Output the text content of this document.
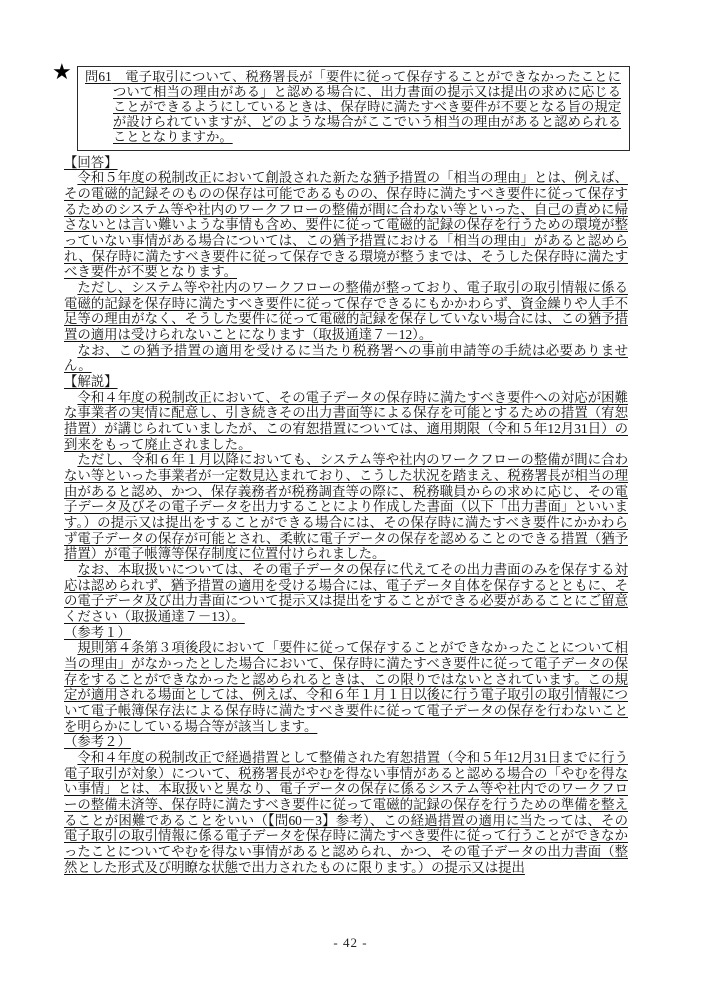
★ 問61　電子取引について、税務署長が「要件に従って保存することができなかったことについて相当の理由がある」と認める場合に、出力書面の提示又は提出の求めに応じることができるようにしているときは、保存時に満たすべき要件が不要となる旨の規定が設けられていますが、どのような場合がここでいう相当の理由があると認められることとなりますか。

【回答】

令和５年度の税制改正において創設された新たな猶予措置の「相当の理由」とは、例えば、その電磁的記録そのものの保存は可能であるものの、保存時に満たすべき要件に従って保存するためのシステム等や社内のワークフローの整備が間に合わない等といった、自己の責めに帰さないとは言い難いような事情も含め、要件に従って電磁的記録の保存を行うための環境が整っていない事情がある場合については、この猶予措置における「相当の理由」があると認められ、保存時に満たすべき要件に従って保存できる環境が整うまでは、そうした保存時に満たすべき要件が不要となります。

ただし、システム等や社内のワークフローの整備が整っており、電子取引の取引情報に係る電磁的記録を保存時に満たすべき要件に従って保存できるにもかかわらず、資金繰りや人手不足等の理由がなく、そうした要件に従って電磁的記録を保存していない場合には、この猶予措置の適用は受けられないことになります（取扱通達７－12）。

なお、この猶予措置の適用を受けるに当たり税務署への事前申請等の手続は必要ありません。

【解説】

令和４年度の税制改正において、その電子データの保存時に満たすべき要件への対応が困難な事業者の実情に配意し、引き続きその出力書面等による保存を可能とするための措置（宥恕措置）が講じられていましたが、この宥恕措置については、適用期限（令和５年12月31日）の到来をもって廃止されました。

ただし、令和６年１月以降においても、システム等や社内のワークフローの整備が間に合わない等といった事業者が一定数見込まれており、こうした状況を踏まえ、税務署長が相当の理由があると認め、かつ、保存義務者が税務調査等の際に、税務職員からの求めに応じ、その電子データ及びその電子データを出力することにより作成した書面（以下「出力書面」といいます。）の提示又は提出をすることができる場合には、その保存時に満たすべき要件にかかわらず電子データの保存が可能とされ、柔軟に電子データの保存を認めることのできる措置（猶予措置）が電子帳簿等保存制度に位置付けられました。

なお、本取扱いについては、その電子データの保存に代えてその出力書面のみを保存する対応は認められず、猶予措置の適用を受ける場合には、電子データ自体を保存するとともに、その電子データ及び出力書面について提示又は提出をすることができる必要があることにご留意ください（取扱通達７－13）。

（参考１）

規則第４条第３項後段において「要件に従って保存することができなかったことについて相当の理由」がなかったとした場合において、保存時に満たすべき要件に従って電子データの保存をすることができなかったと認められるときは、この限りではないとされています。この規定が適用される場面としては、例えば、令和６年１月１日以後に行う電子取引の取引情報について電子帳簿保存法による保存時に満たすべき要件に従って電子データの保存を行わないことを明らかにしている場合等が該当します。

（参考２）

令和４年度の税制改正で経過措置として整備された宥恕措置（令和５年12月31日までに行う電子取引が対象）について、税務署長がやむを得ない事情があると認める場合の「やむを得ない事情」とは、本取扱いと異なり、電子データの保存に係るシステム等や社内でのワークフローの整備未済等、保存時に満たすべき要件に従って電磁的記録の保存を行うための準備を整えることが困難であることをいい（【問60－3】参考）、この経過措置の適用に当たっては、その電子取引の取引情報に係る電子データを保存時に満たすべき要件に従って行うことができなかったことについてやむを得ない事情があると認められ、かつ、その電子データの出力書面（整然とした形式及び明瞭な状態で出力されたものに限ります。）の提示又は提出

- 42 -
